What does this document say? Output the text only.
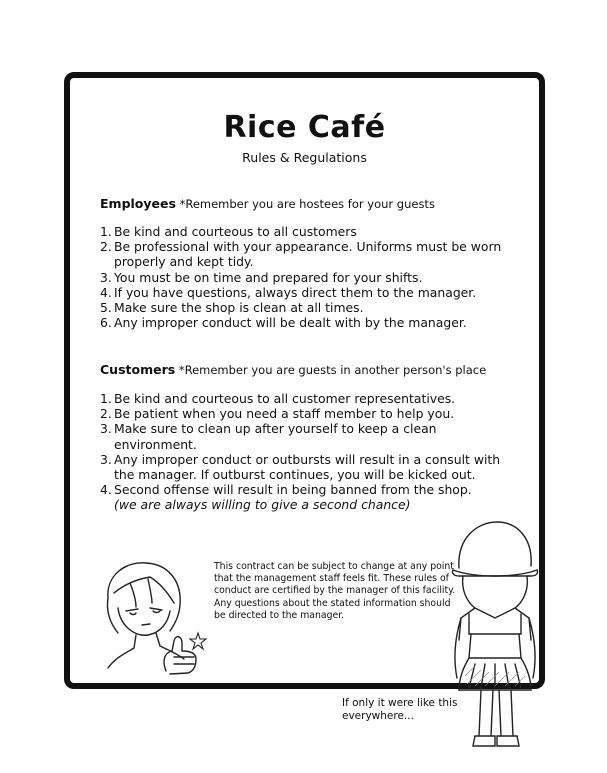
Rice Café
Rules & Regulations
Employees *Remember you are hostees for your guests
1. Be kind and courteous to all customers
2. Be professional with your appearance. Uniforms must be worn properly and kept tidy.
3. You must be on time and prepared for your shifts.
4. If you have questions, always direct them to the manager.
5. Make sure the shop is clean at all times.
6. Any improper conduct will be dealt with by the manager.
Customers *Remember you are guests in another person's place
1. Be kind and courteous to all customer representatives.
2. Be patient when you need a staff member to help you.
3. Make sure to clean up after yourself to keep a clean environment.
3. Any improper conduct or outbursts will result in a consult with the manager. If outburst continues, you will be kicked out.
4. Second offense will result in being banned from the shop.
(we are always willing to give a second chance)
This contract can be subject to change at any point that the management staff feels fit. These rules of conduct are certified by the manager of this facility. Any questions about the stated information should be directed to the manager.
If only it were like this everywhere...
